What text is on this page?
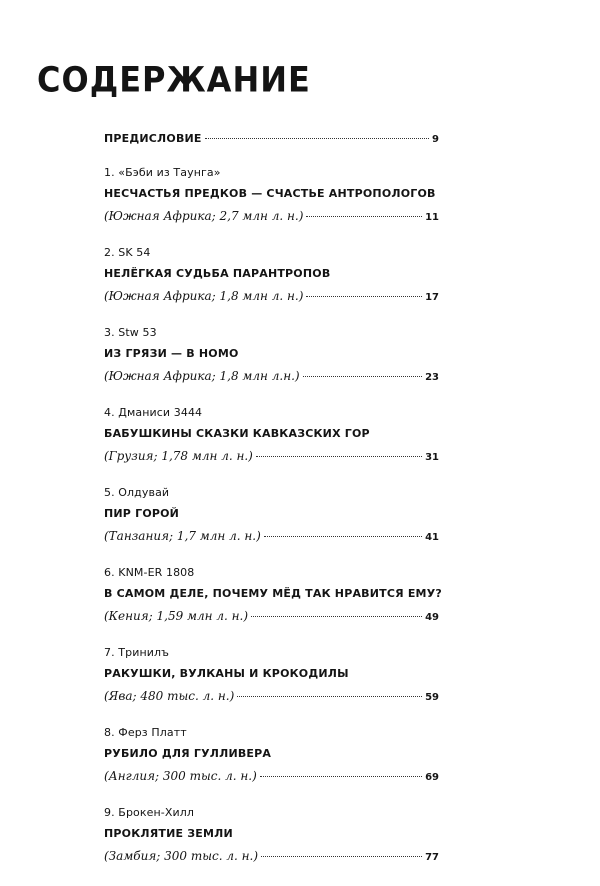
СОДЕРЖАНИЕ
ПРЕДИСЛОВИЕ	9
1. «Бэби из Таунга»
НЕСЧАСТЬЯ ПРЕДКОВ — СЧАСТЬЕ АНТРОПОЛОГОВ
(Южная Африка; 2,7 млн л. н.)	11
2. SK 54
НЕЛЁГКАЯ СУДЬБА ПАРАНТРОПОВ
(Южная Африка; 1,8 млн л. н.)	17
3. Stw 53
ИЗ ГРЯЗИ — В HOMO
(Южная Африка; 1,8 млн л.н.)	23
4. Дманиси 3444
БАБУШКИНЫ СКАЗКИ КАВКАЗСКИХ ГОР
(Грузия; 1,78 млн л. н.)	31
5. Олдувай
ПИР ГОРОЙ
(Танзания; 1,7 млн л. н.)	41
6. KNM-ER 1808
В САМОМ ДЕЛЕ, ПОЧЕМУ МЁД ТАК НРАВИТСЯ ЕМУ?
(Кения; 1,59 млн л. н.)	49
7. Тринилъ
РАКУШКИ, ВУЛКАНЫ И КРОКОДИЛЫ
(Ява; 480 тыс. л. н.)	59
8. Ферз Платт
РУБИЛО ДЛЯ ГУЛЛИВЕРА
(Англия; 300 тыс. л. н.)	69
9. Брокен-Хилл
ПРОКЛЯТИЕ ЗЕМЛИ
(Замбия; 300 тыс. л. н.)	77
